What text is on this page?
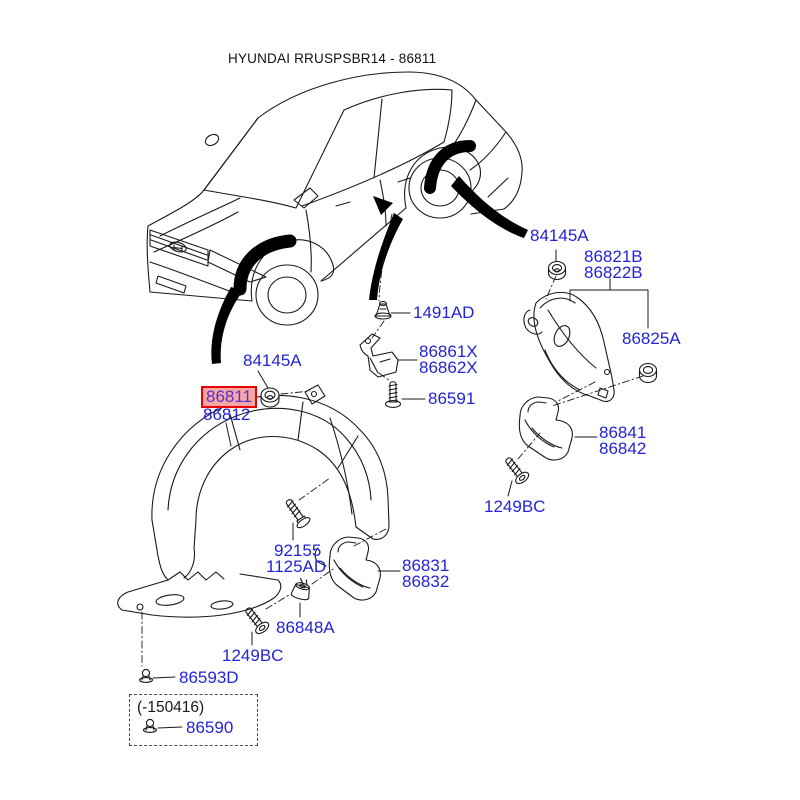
HYUNDAI RRUSPSBR14 - 86811
84145A
86811
86812
1491AD
86861X
86862X
86591
84145A
86821B
86822B
86825A
86841
86842
1249BC
92155
1125AD	86831
86832
86848A
1249BC
86593D
(-150416)
86590
